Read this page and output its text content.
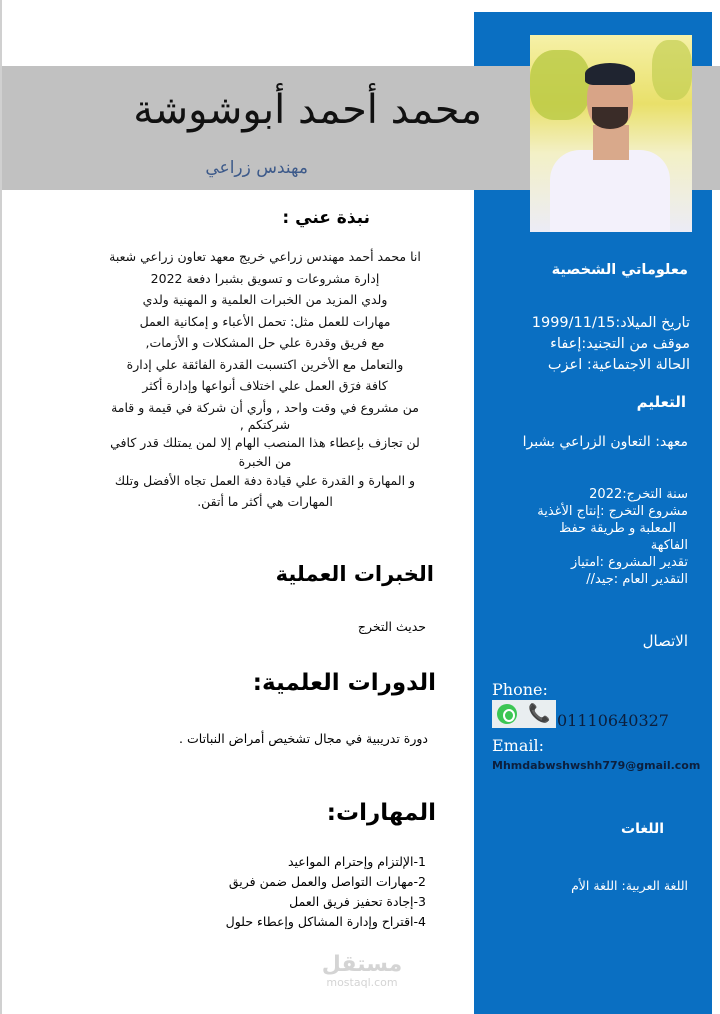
محمد أحمد أبوشوشة
مهندس زراعي
نبذة عني :
انا محمد أحمد مهندس زراعي خريج معهد تعاون زراعي شعبة
إدارة مشروعات و تسويق بشبرا دفعة 2022
ولدي المزيد من الخبرات العلمية و المهنية ولدي
مهارات للعمل مثل: تحمل الأعباء و إمكانية العمل
مع فريق وقدرة علي حل المشكلات و الأزمات,
والتعامل مع الأخرين اكتسبت القدرة الفائقة علي إدارة
كافة فرَق العمل علي اختلاف أنواعها وإدارة أكثر
من مشروع في وقت واحد , وأري أن شركة في قيمة و قامة
شركتكم ,
لن تجازف بإعطاء هذا المنصب الهام إلا لمن يمتلك قدر كافي
من الخبرة
و المهارة و القدرة علي قيادة دفة العمل تجاه الأفضل وتلك
المهارات هي أكثر ما أتقن.
الخبرات العملية
حديث التخرج
الدورات العلمية:
دورة تدريبية في مجال تشخيص أمراض النباتات .
المهارات:
1-الإلتزام وإحترام المواعيد
2-مهارات التواصل والعمل ضمن فريق
3-إجادة تحفيز فريق العمل
4-اقتراح وإدارة المشاكل وإعطاء حلول
معلوماتي الشخصية
تاريخ الميلاد:1999/11/15
موقف من التجنيد:إعفاء
الحالة الاجتماعية: اعزب
التعليم
معهد: التعاون الزراعي بشبرا
سنة التخرج:2022
مشروع التخرج :إنتاج الأغذية
المعلبة و طريقة حفظ
الفاكهة
تقدير المشروع :امتياز
التقدير العام :جيد//
الاتصال
Phone:
📞 01110640327
Email:
Mhmdabwshwshh779@gmail.com
اللغات
اللغة العربية: اللغة الأم
مستقل
mostaql.com
